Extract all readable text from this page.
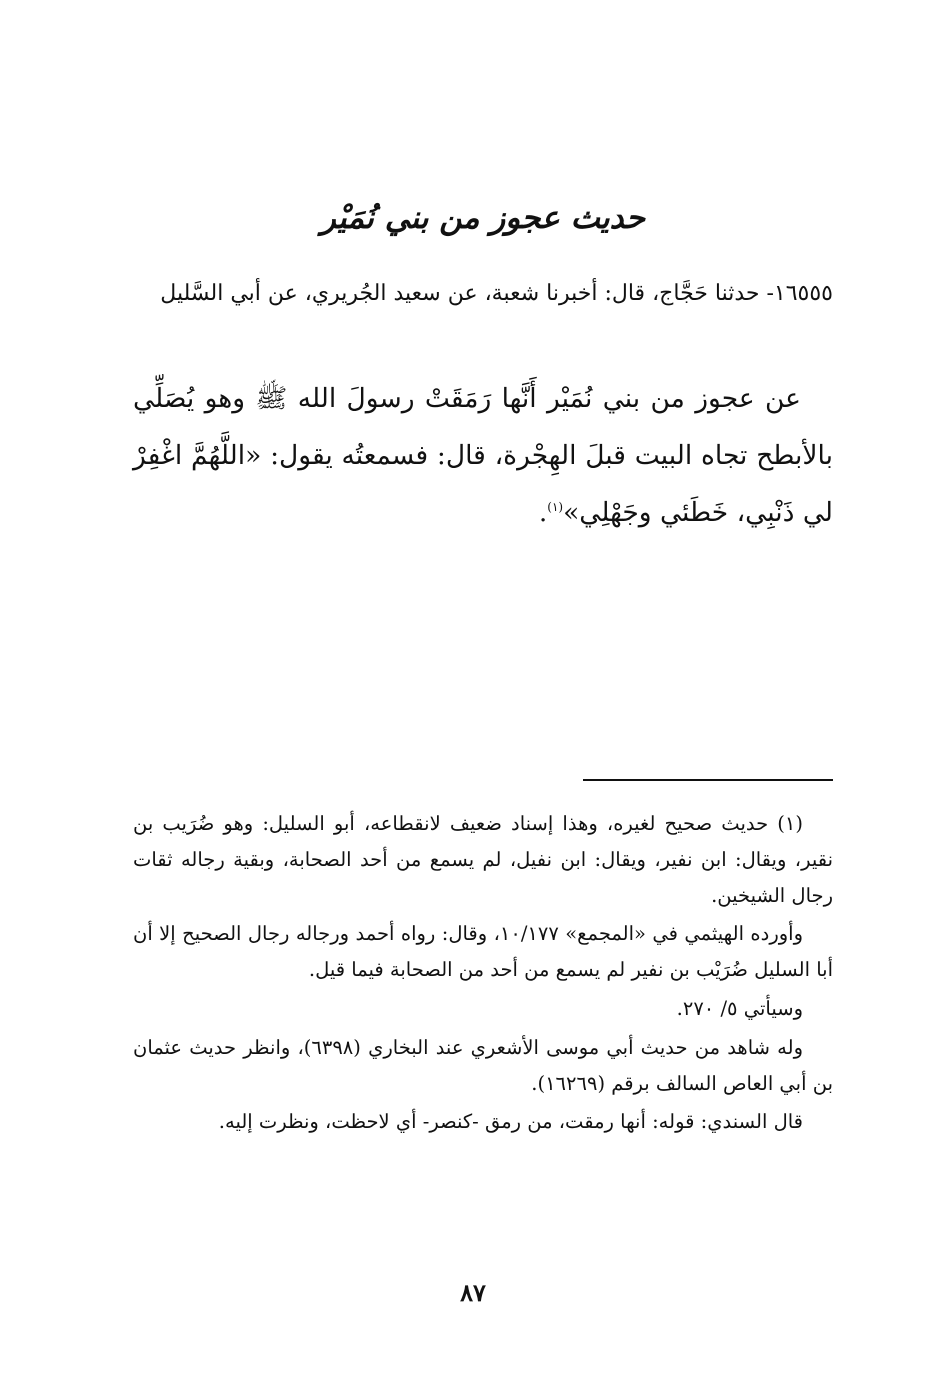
حديث عجوز من بني نُمَيْر

١٦٥٥٥- حدثنا حَجَّاج، قال: أخبرنا شعبة، عن سعيد الجُريري، عن أبي السَّليل

عن عجوز من بني نُمَيْر أَنَّها رَمَقَتْ رسولَ الله ﷺ وهو يُصَلِّي بالأبطح تجاه البيت قبلَ الهِجْرة، قال: فسمعتُه يقول: «اللَّهُمَّ اغْفِرْ لي ذَنْبِي، خَطَئي وجَهْلِي»$^{(١)}$.

(١) حديث صحيح لغيره، وهذا إسناد ضعيف لانقطاعه، أبو السليل: وهو ضُرَيب بن نقير، ويقال: ابن نفير، ويقال: ابن نفيل، لم يسمع من أحد الصحابة، وبقية رجاله ثقات رجال الشيخين.

وأورده الهيثمي في «المجمع» ١٠/١٧٧، وقال: رواه أحمد ورجاله رجال الصحيح إلا أن أبا السليل ضُرَيْب بن نفير لم يسمع من أحد من الصحابة فيما قيل.

وسيأتي ٥/ ٢٧٠.

وله شاهد من حديث أبي موسى الأشعري عند البخاري (٦٣٩٨)، وانظر حديث عثمان بن أبي العاص السالف برقم (١٦٢٦٩).

قال السندي: قوله: أنها رمقت، من رمق -كنصر- أي لاحظت، ونظرت إليه.

٨٧
